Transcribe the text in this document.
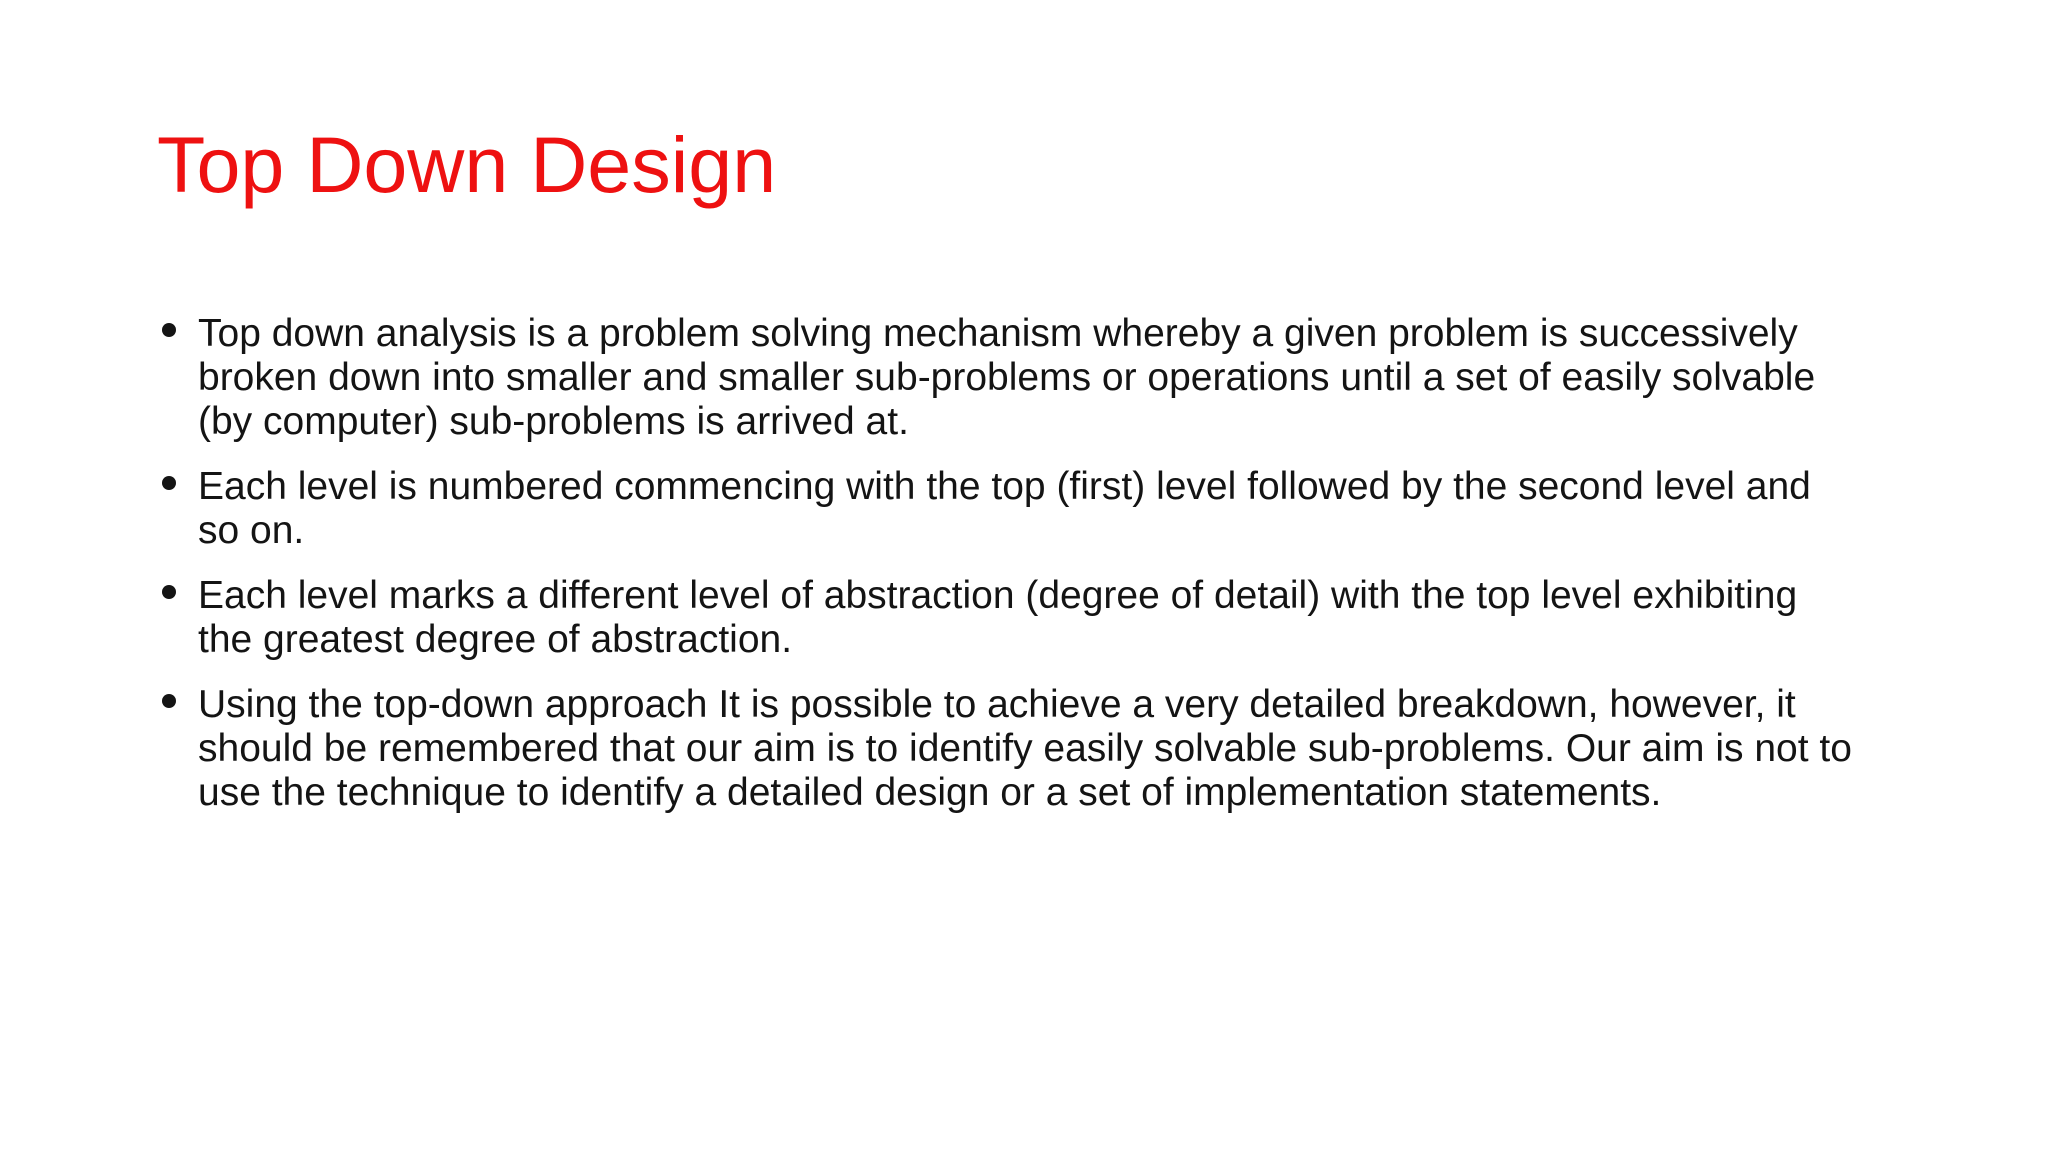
Top Down Design
Top down analysis is a problem solving mechanism whereby a given problem is successively
broken down into smaller and smaller sub-problems or operations until a set of easily solvable
(by computer) sub-problems is arrived at.
Each level is numbered commencing with the top (first) level followed by the second level and
so on.
Each level marks a different level of abstraction (degree of detail) with the top level exhibiting
the greatest degree of abstraction.
Using the top-down approach It is possible to achieve a very detailed breakdown, however, it
should be remembered that our aim is to identify easily solvable sub-problems. Our aim is not to
use the technique to identify a detailed design or a set of implementation statements.
